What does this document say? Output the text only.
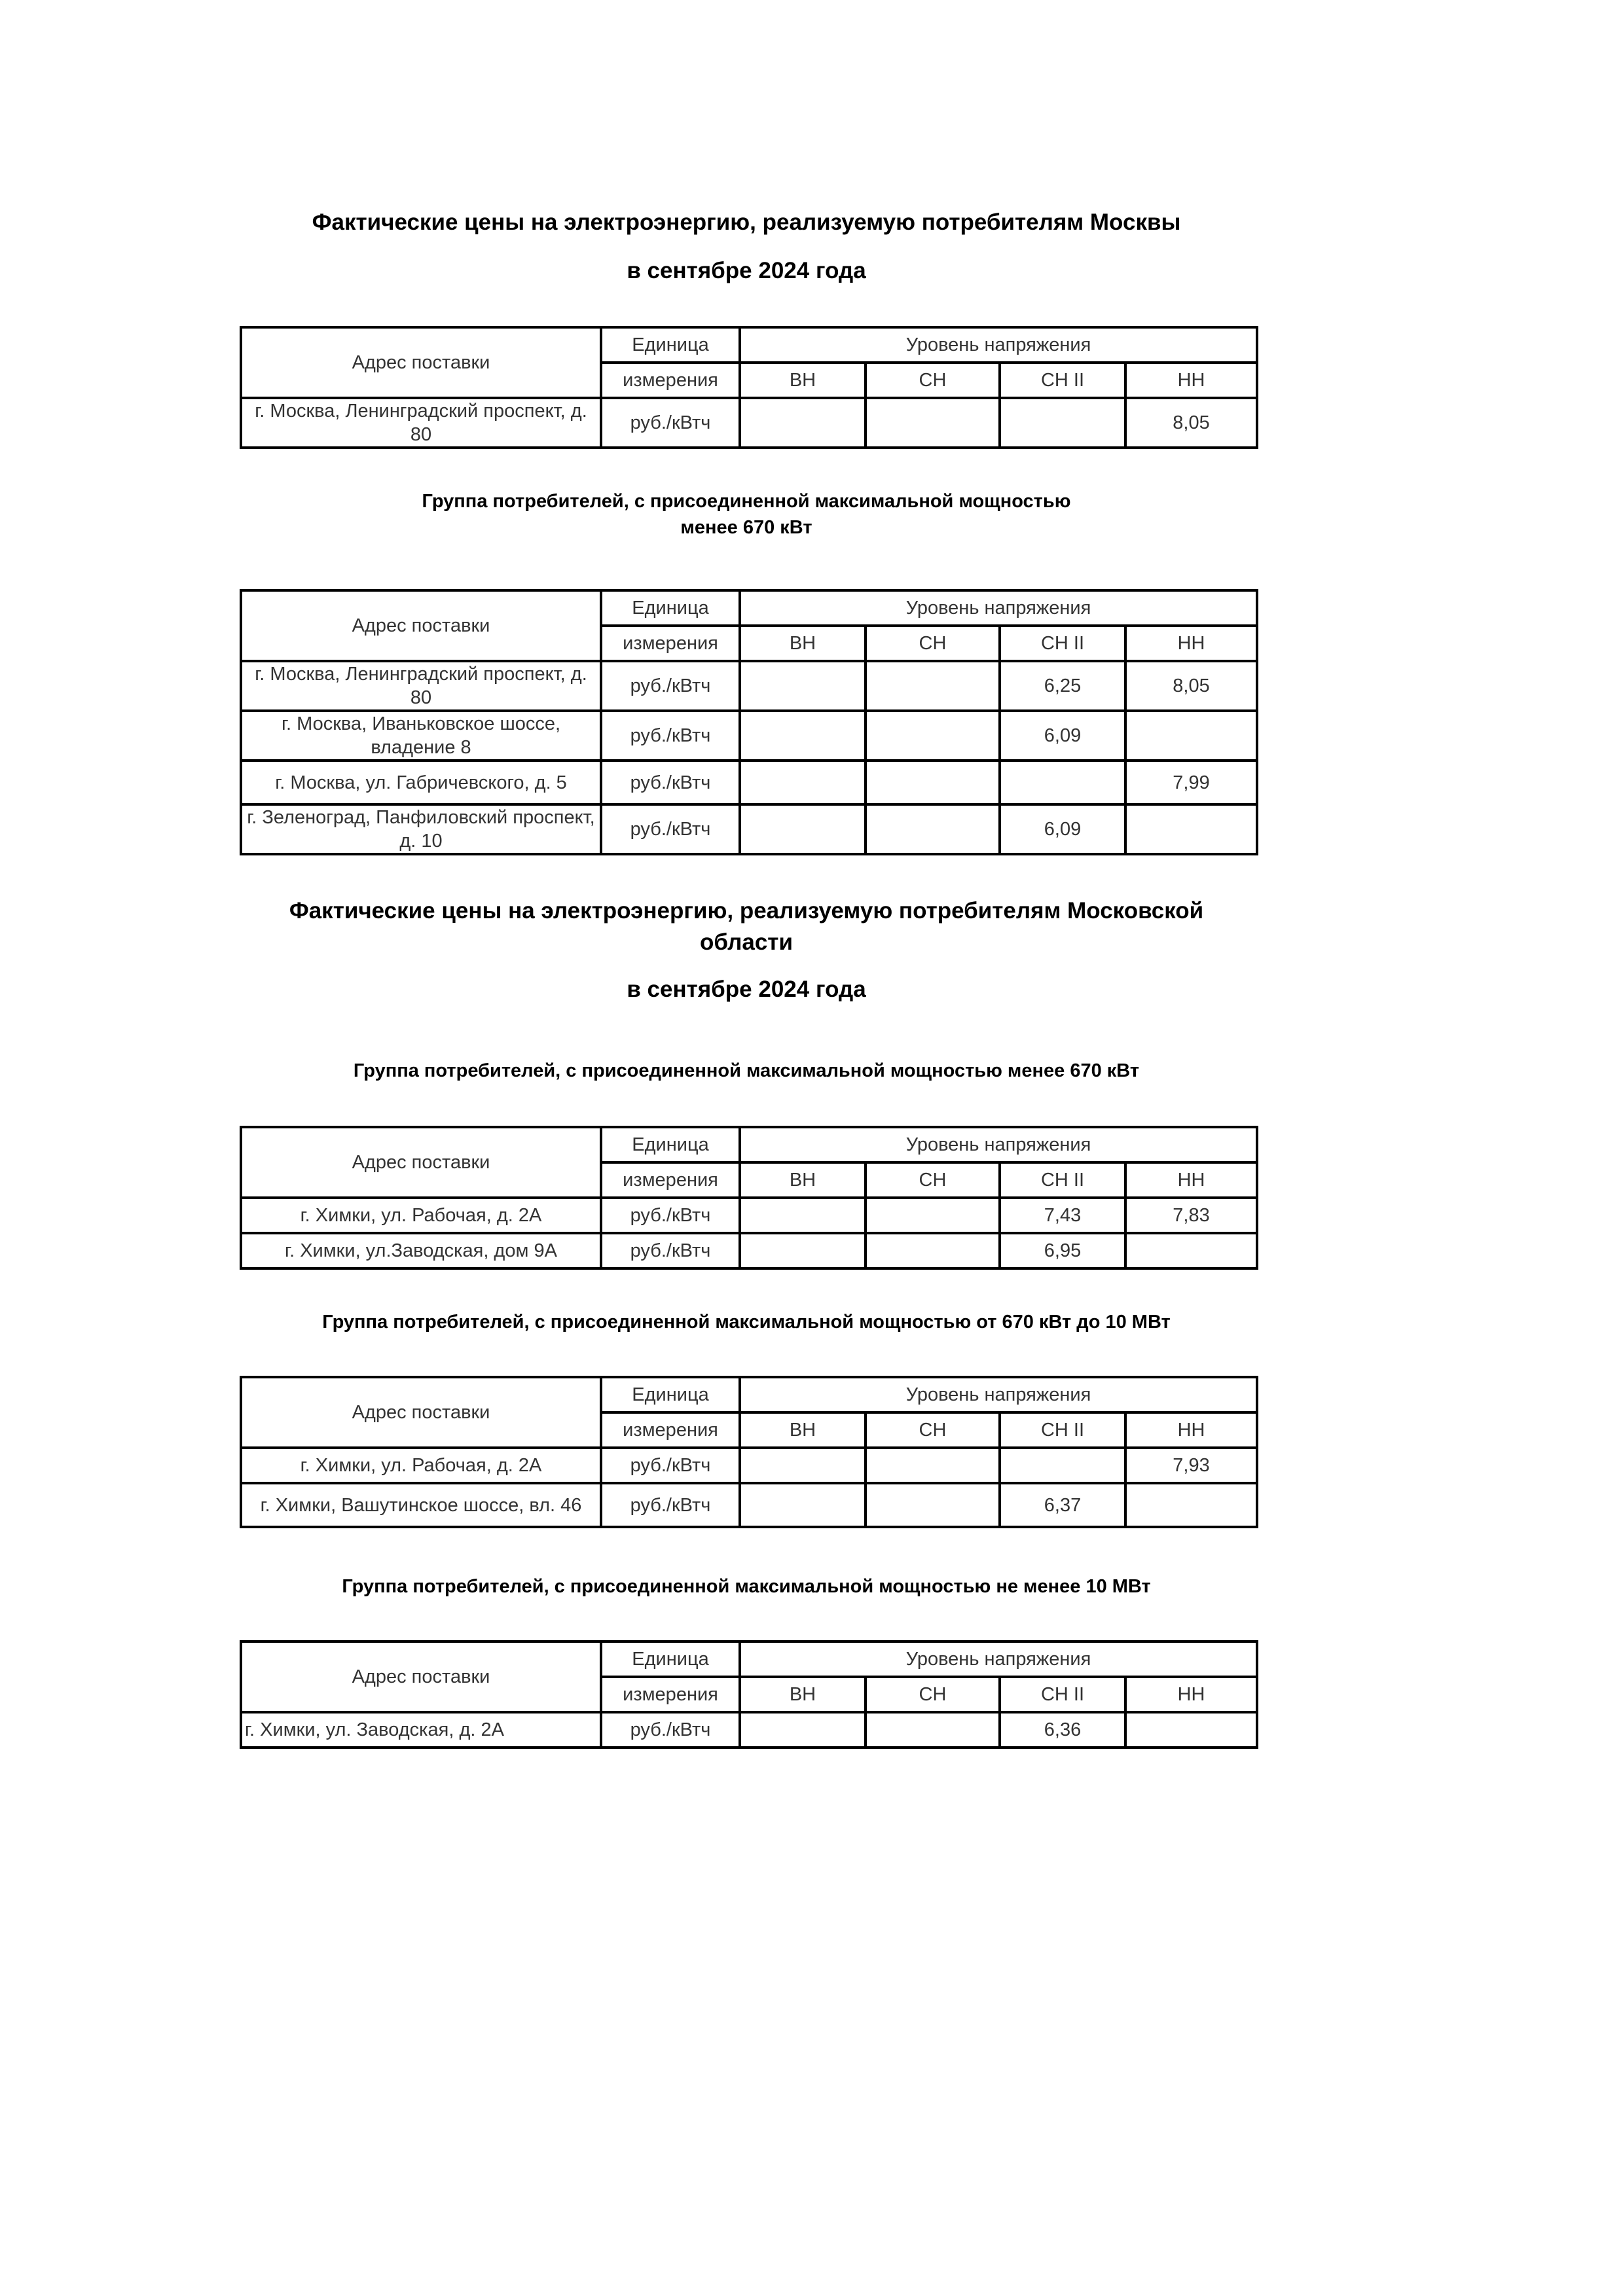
Фактические цены на электроэнергию, реализуемую потребителям Москвы
в сентябре 2024 года
Адрес поставки	Единица	Уровень напряжения			
	измерения	ВН	СН	СН II	НН
г. Москва, Ленинградский проспект, д. 80	руб./кВтч				8,05
Группа потребителей, с присоединенной максимальной мощностью
менее 670 кВт
Адрес поставки	Единица	Уровень напряжения			
	измерения	ВН	СН	СН II	НН
г. Москва, Ленинградский проспект, д. 80	руб./кВтч			6,25	8,05
г. Москва, Иваньковское шоссе, владение 8	руб./кВтч			6,09	
г. Москва, ул. Габричевского, д. 5	руб./кВтч				7,99
г. Зеленоград, Панфиловский проспект, д. 10	руб./кВтч			6,09	
Фактические цены на электроэнергию, реализуемую потребителям Московской
области
в сентябре 2024 года
Группа потребителей, с присоединенной максимальной мощностью менее 670 кВт
Адрес поставки	Единица	Уровень напряжения			
	измерения	ВН	СН	СН II	НН
г. Химки, ул. Рабочая, д. 2А	руб./кВтч			7,43	7,83
г. Химки, ул.Заводская, дом 9А	руб./кВтч			6,95	
Группа потребителей, с присоединенной максимальной мощностью от 670 кВт до 10 МВт
Адрес поставки	Единица	Уровень напряжения			
	измерения	ВН	СН	СН II	НН
г. Химки, ул. Рабочая, д. 2А	руб./кВтч				7,93
г. Химки, Вашутинское шоссе, вл. 46	руб./кВтч			6,37	
Группа потребителей, с присоединенной максимальной мощностью не менее 10 МВт
Адрес поставки	Единица	Уровень напряжения			
	измерения	ВН	СН	СН II	НН
г. Химки, ул. Заводская, д. 2А	руб./кВтч			6,36	
